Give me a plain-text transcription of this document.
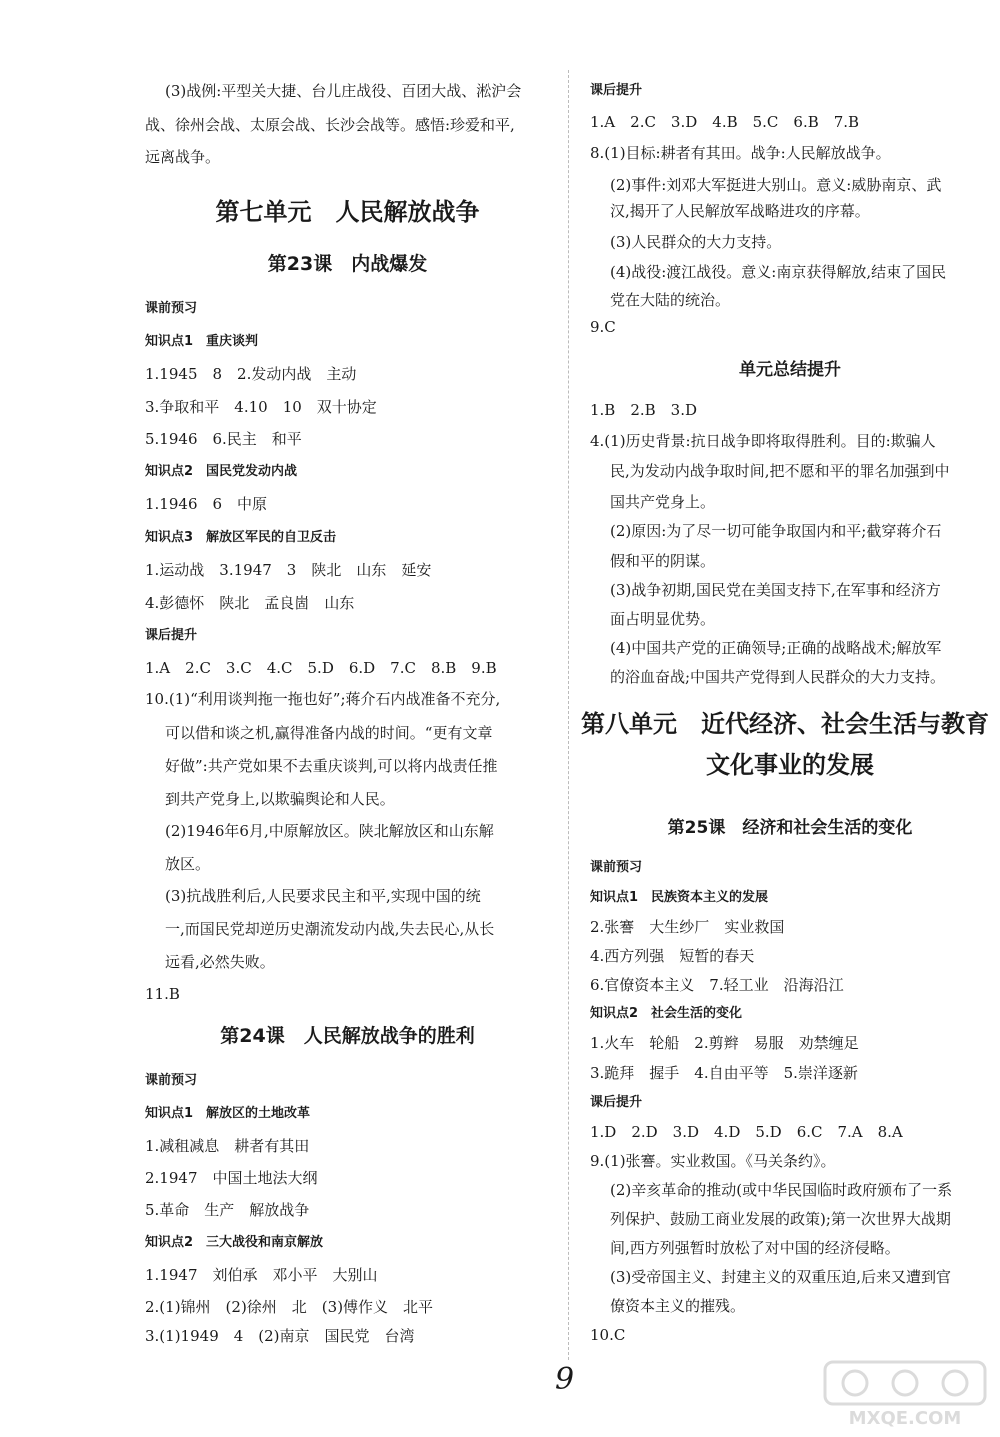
(3)战例:平型关大捷、台儿庄战役、百团大战、淞沪会
战、徐州会战、太原会战、长沙会战等。感悟:珍爱和平,
远离战争。
第七单元　人民解放战争
第23课　内战爆发
课前预习
知识点1　重庆谈判
1.1945　8　2.发动内战　主动
3.争取和平　4.10　10　双十协定
5.1946　6.民主　和平
知识点2　国民党发动内战
1.1946　6　中原
知识点3　解放区军民的自卫反击
1.运动战　3.1947　3　陕北　山东　延安
4.彭德怀　陕北　孟良崮　山东
课后提升
1.A　2.C　3.C　4.C　5.D　6.D　7.C　8.B　9.B
10.(1)“利用谈判拖一拖也好”;蒋介石内战准备不充分,
可以借和谈之机,赢得准备内战的时间。“更有文章
好做”:共产党如果不去重庆谈判,可以将内战责任推
到共产党身上,以欺骗舆论和人民。
(2)1946年6月,中原解放区。陕北解放区和山东解
放区。
(3)抗战胜利后,人民要求民主和平,实现中国的统
一,而国民党却逆历史潮流发动内战,失去民心,从长
远看,必然失败。
11.B
第24课　人民解放战争的胜利
课前预习
知识点1　解放区的土地改革
1.减租减息　耕者有其田
2.1947　中国土地法大纲
5.革命　生产　解放战争
知识点2　三大战役和南京解放
1.1947　刘伯承　邓小平　大别山
2.(1)锦州　(2)徐州　北　(3)傅作义　北平
3.(1)1949　4　(2)南京　国民党　台湾
课后提升
1.A　2.C　3.D　4.B　5.C　6.B　7.B
8.(1)目标:耕者有其田。战争:人民解放战争。
(2)事件:刘邓大军挺进大别山。意义:威胁南京、武
汉,揭开了人民解放军战略进攻的序幕。
(3)人民群众的大力支持。
(4)战役:渡江战役。意义:南京获得解放,结束了国民
党在大陆的统治。
9.C
单元总结提升
1.B　2.B　3.D
4.(1)历史背景:抗日战争即将取得胜利。目的:欺骗人
民,为发动内战争取时间,把不愿和平的罪名加强到中
国共产党身上。
(2)原因:为了尽一切可能争取国内和平;截穿蒋介石
假和平的阴谋。
(3)战争初期,国民党在美国支持下,在军事和经济方
面占明显优势。
(4)中国共产党的正确领导;正确的战略战术;解放军
的浴血奋战;中国共产党得到人民群众的大力支持。
第八单元　近代经济、社会生活与教育
文化事业的发展
第25课　经济和社会生活的变化
课前预习
知识点1　民族资本主义的发展
2.张謇　大生纱厂　实业救国
4.西方列强　短暂的春天
6.官僚资本主义　7.轻工业　沿海沿江
知识点2　社会生活的变化
1.火车　轮船　2.剪辫　易服　劝禁缠足
3.跪拜　握手　4.自由平等　5.崇洋逐新
课后提升
1.D　2.D　3.D　4.D　5.D　6.C　7.A　8.A
9.(1)张謇。实业救国。《马关条约》。
(2)辛亥革命的推动(或中华民国临时政府颁布了一系
列保护、鼓励工商业发展的政策);第一次世界大战期
间,西方列强暂时放松了对中国的经济侵略。
(3)受帝国主义、封建主义的双重压迫,后来又遭到官
僚资本主义的摧残。
10.C
9
MXQE.COM
